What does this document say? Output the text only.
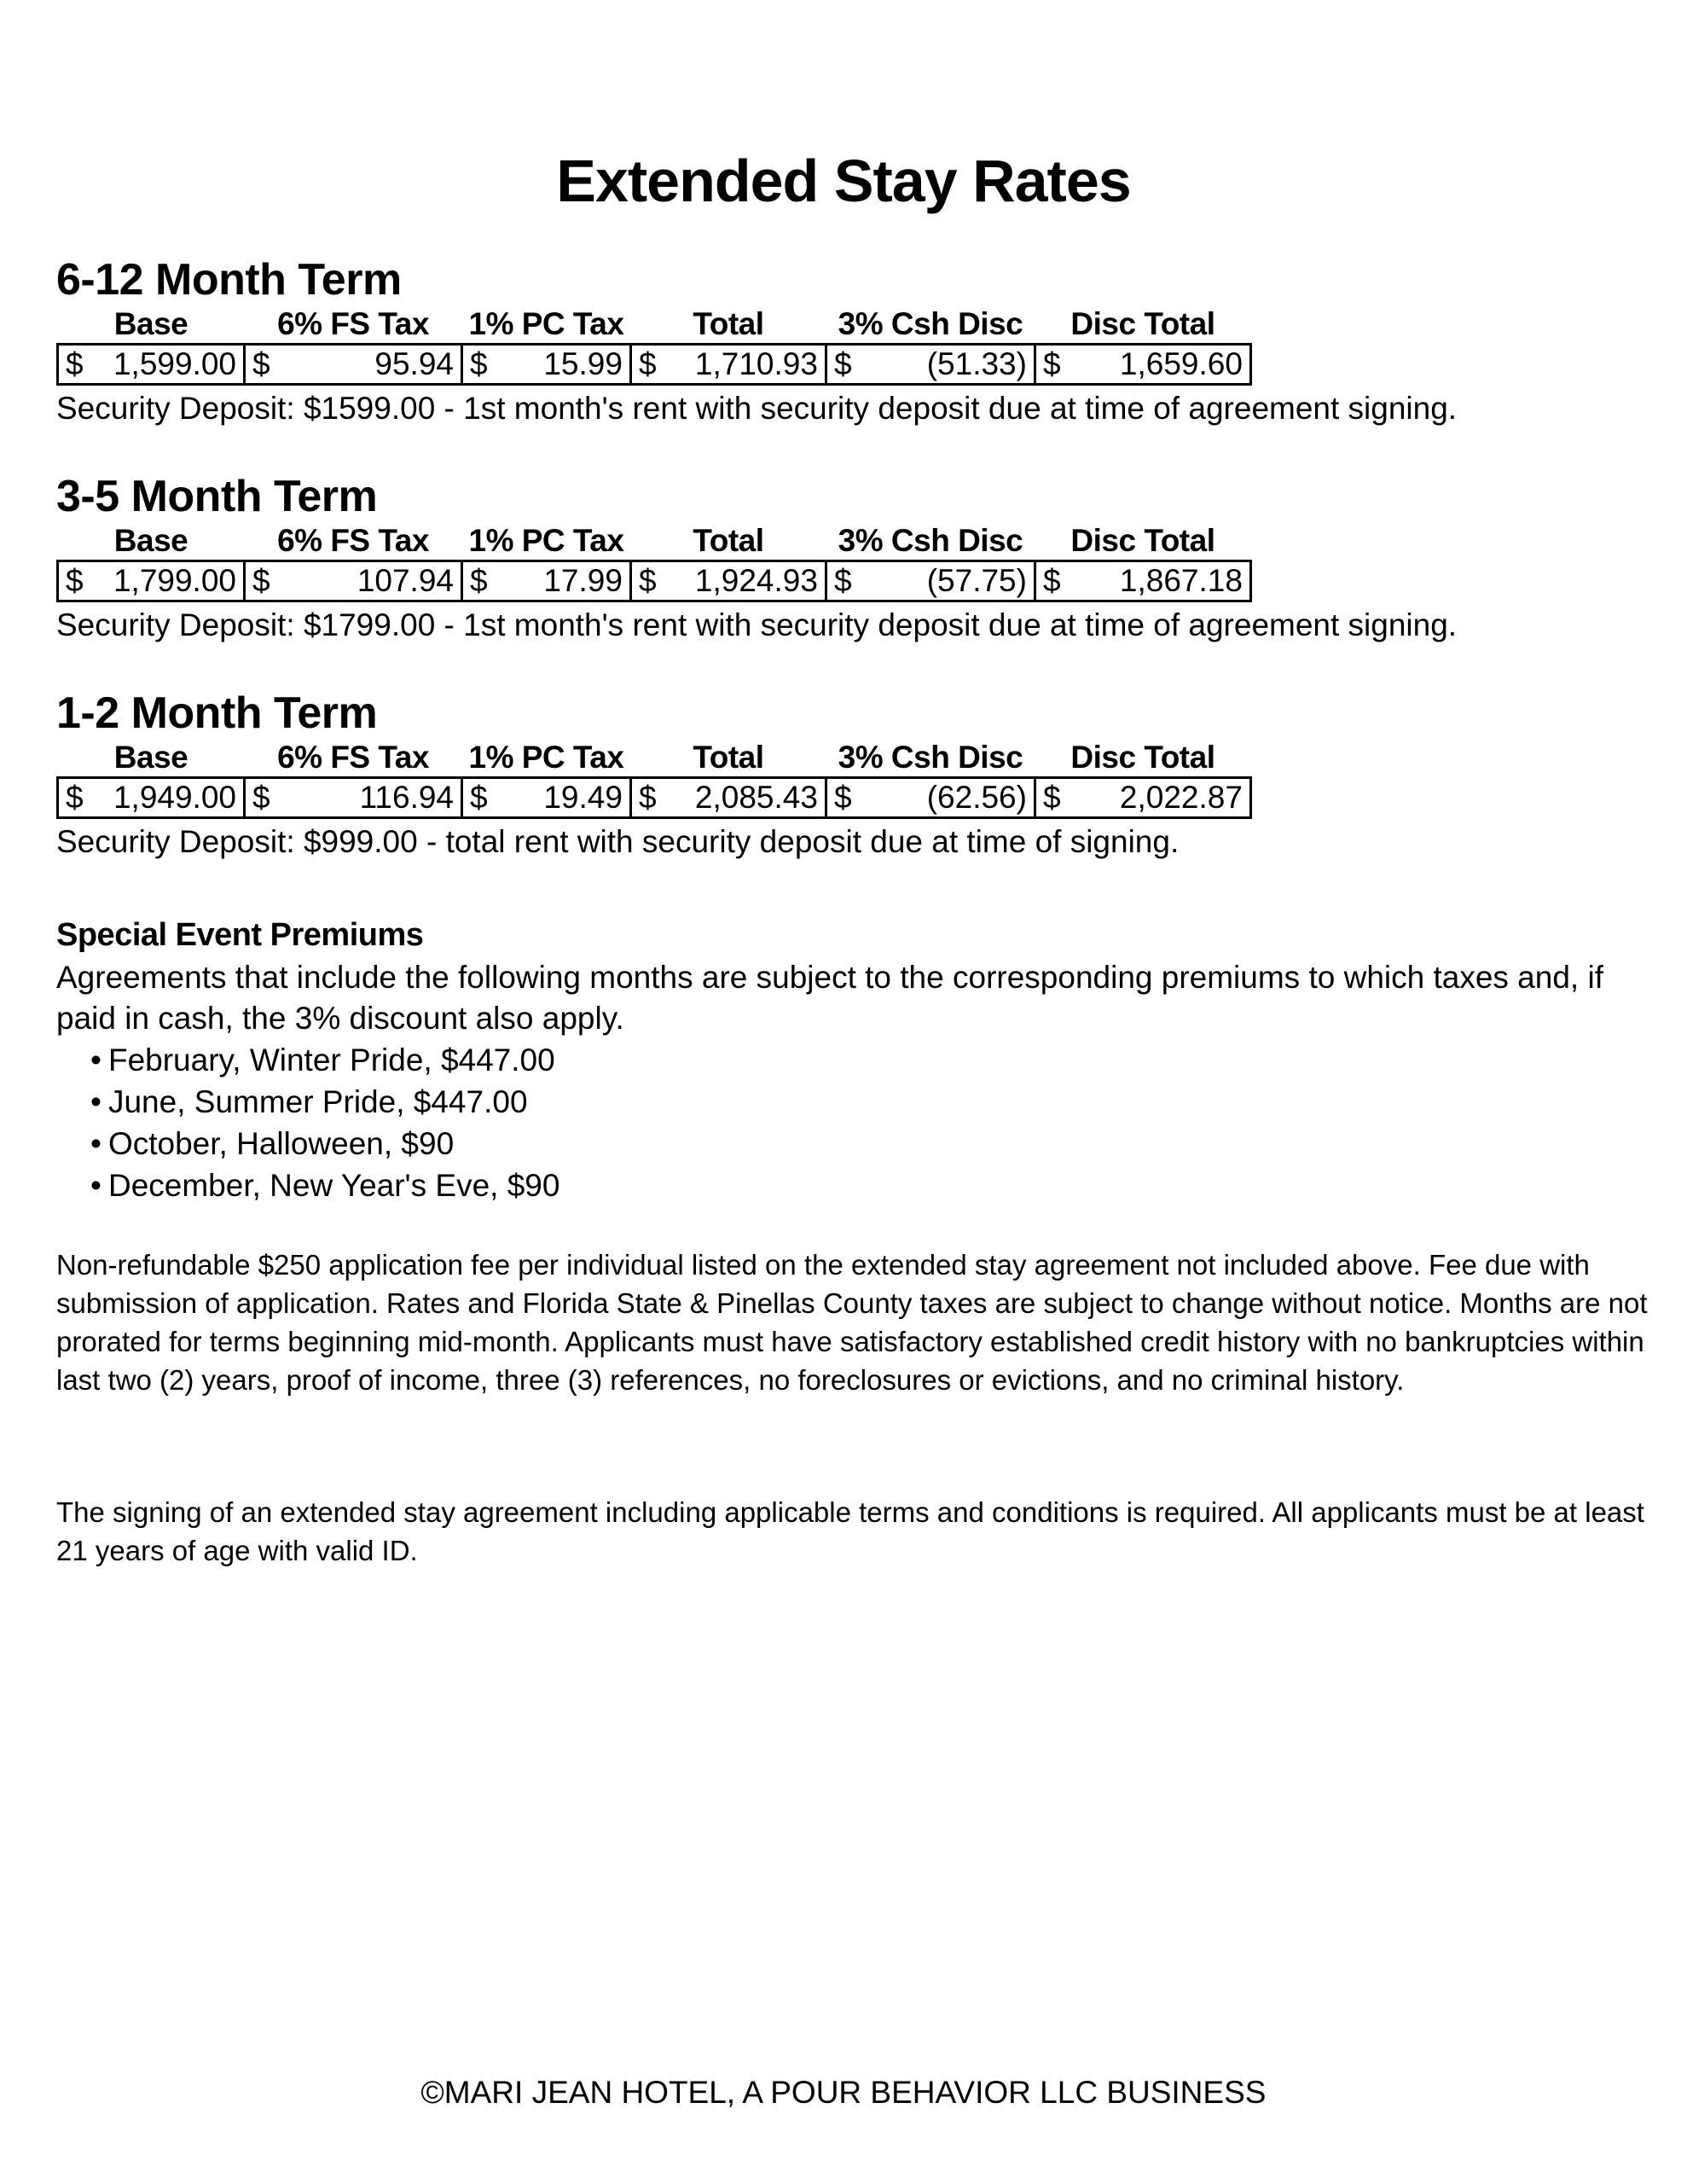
Extended Stay Rates
6-12 Month Term
Base	6% FS Tax	1% PC Tax	Total	3% Csh Disc	Disc Total

$ 1,599.00	$ 95.94	$ 15.99	$ 1,710.93	$ (51.33)	$ 1,659.60
Security Deposit: $1599.00 - 1st month's rent with security deposit due at time of agreement signing.
3-5 Month Term
Base	6% FS Tax	1% PC Tax	Total	3% Csh Disc	Disc Total

$ 1,799.00	$ 107.94	$ 17.99	$ 1,924.93	$ (57.75)	$ 1,867.18
Security Deposit: $1799.00 - 1st month's rent with security deposit due at time of agreement signing.
1-2 Month Term
Base	6% FS Tax	1% PC Tax	Total	3% Csh Disc	Disc Total

$ 1,949.00	$ 116.94	$ 19.49	$ 2,085.43	$ (62.56)	$ 2,022.87
Security Deposit: $999.00 - total rent with security deposit due at time of signing.
Special Event Premiums

Agreements that include the following months are subject to the corresponding premiums to which taxes and, if paid in cash, the 3% discount also apply.

• February, Winter Pride, $447.00
• June, Summer Pride, $447.00
• October, Halloween, $90
• December, New Year's Eve, $90

Non-refundable $250 application fee per individual listed on the extended stay agreement not included above. Fee due with submission of application. Rates and Florida State & Pinellas County taxes are subject to change without notice. Months are not prorated for terms beginning mid-month. Applicants must have satisfactory established credit history with no bankruptcies within last two (2) years, proof of income, three (3) references, no foreclosures or evictions, and no criminal history.

The signing of an extended stay agreement including applicable terms and conditions is required. All applicants must be at least 21 years of age with valid ID.

©MARI JEAN HOTEL, A POUR BEHAVIOR LLC BUSINESS
